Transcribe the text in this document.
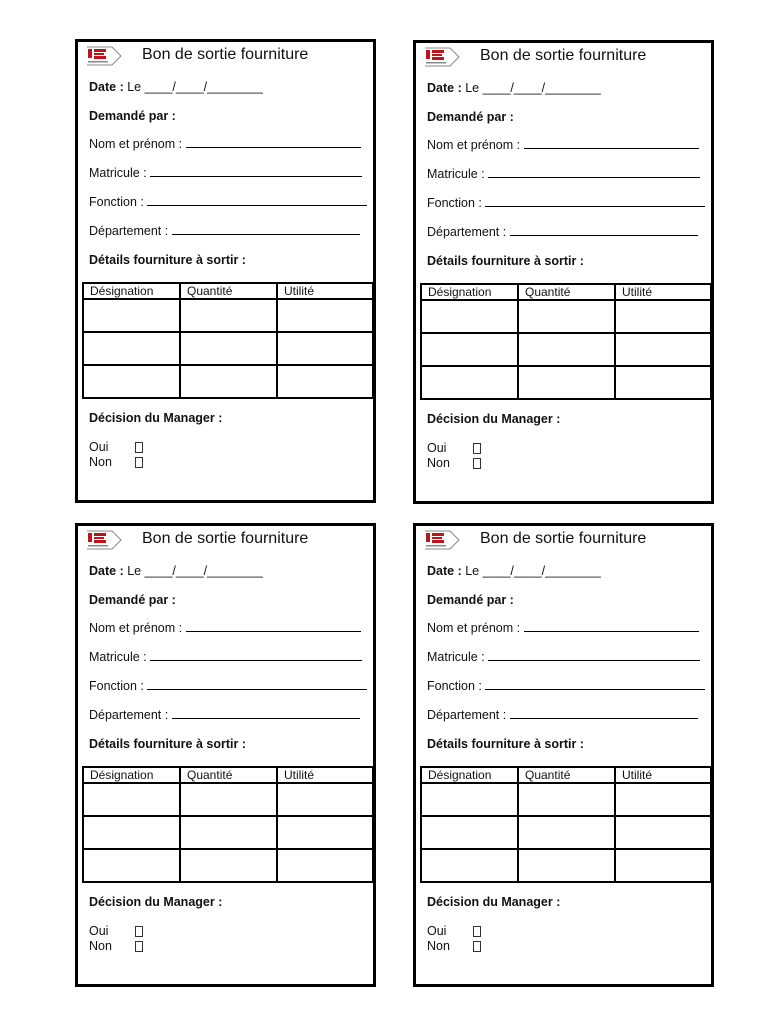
Bon de sortie fourniture
Date : Le ____/____/________
Demandé par :
Nom et prénom :
Matricule :
Fonction :
Département :
Détails fourniture à sortir :
Désignation	Quantité	Utilité
Décision du Manager :
Oui
Non
Bon de sortie fourniture
Date : Le ____/____/________
Demandé par :
Nom et prénom :
Matricule :
Fonction :
Département :
Détails fourniture à sortir :
Désignation	Quantité	Utilité
Décision du Manager :
Oui
Non
Bon de sortie fourniture
Date : Le ____/____/________
Demandé par :
Nom et prénom :
Matricule :
Fonction :
Département :
Détails fourniture à sortir :
Désignation	Quantité	Utilité
Décision du Manager :
Oui
Non
Bon de sortie fourniture
Date : Le ____/____/________
Demandé par :
Nom et prénom :
Matricule :
Fonction :
Département :
Détails fourniture à sortir :
Désignation	Quantité	Utilité
Décision du Manager :
Oui
Non
